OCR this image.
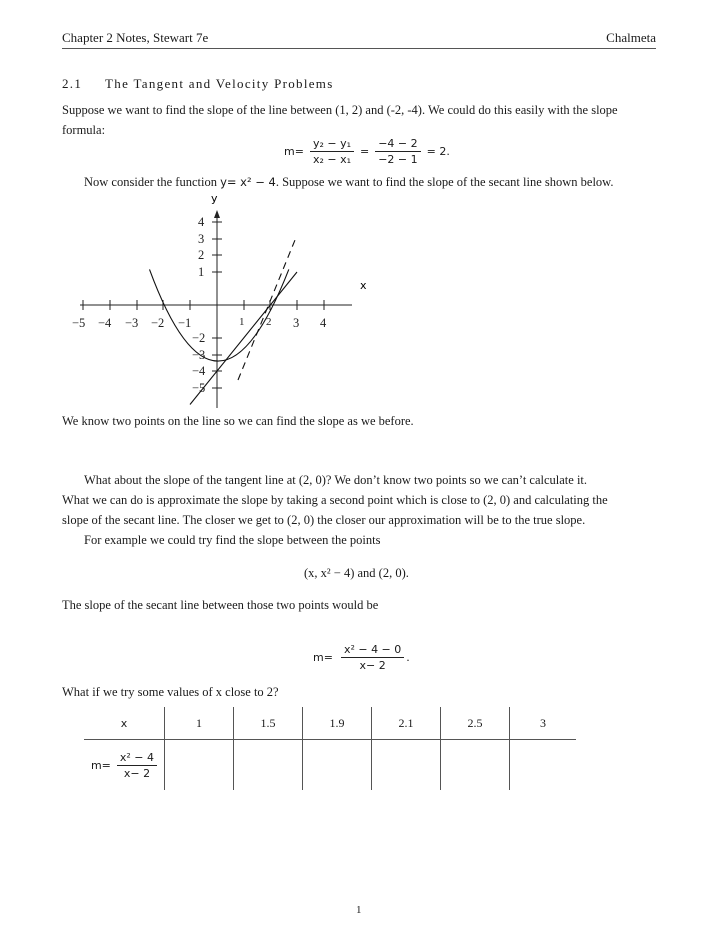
Chapter 2 Notes, Stewart 7e	Chalmeta
2.1 The Tangent and Velocity Problems
Suppose we want to find the slope of the line between (1, 2) and (-2, -4). We could do this easily with the slope
formula:
$m= \frac{\text{y₂ − y₁}}{\text{x₂ − x₁}} = \frac{-4 - 2}{-2 - 1} = 2$.
Now consider the function y= x² − 4. Suppose we want to find the slope of the secant line shown below.
y
x
−5 −4 −3 −2 −1	1 2 3 4
4
3
2
1
−2
−3
−4
−5
We know two points on the line so we can find the slope as we before.
What about the slope of the tangent line at (2, 0)? We don’t know two points so we can’t calculate it.
What we can do is approximate the slope by taking a second point which is close to (2, 0) and calculating the
slope of the secant line. The closer we get to (2, 0) the closer our approximation will be to the true slope.
For example we could try find the slope between the points
(x, x² − 4) and (2, 0).
The slope of the secant line between those two points would be
$m= \frac{\text{x² − 4 − 0}}{x- 2}$ .
What if we try some values of x close to 2?
x	1	1.5	1.9	2.1	2.5	3

$m= \frac{\text{x² − 4}}{x- 2}$

1
